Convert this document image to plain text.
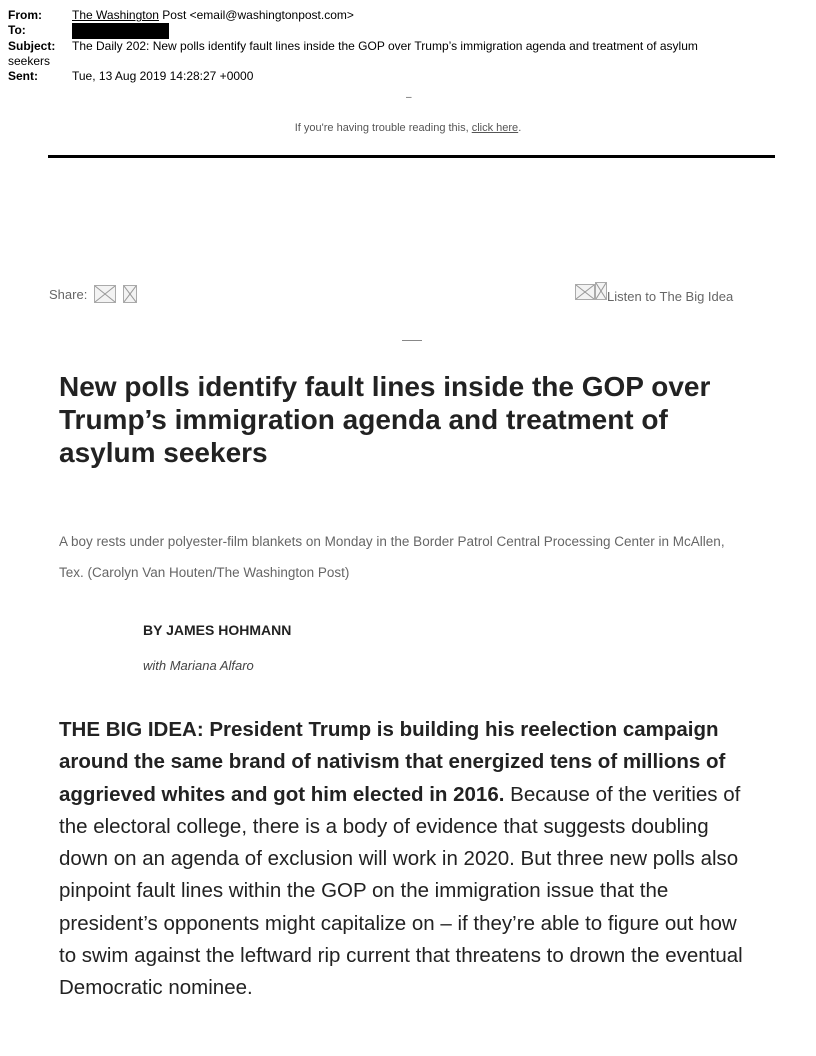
From:	The Washington Post <email@washingtonpost.com>
To:
Subject: The Daily 202: New polls identify fault lines inside the GOP over Trump’s immigration agenda and treatment of asylum
seekers
Sent:	Tue, 13 Aug 2019 14:28:27 +0000
–
If you're having trouble reading this, click here.
Share:	Listen to The Big Idea
New polls identify fault lines inside the GOP over Trump’s immigration agenda and treatment of asylum seekers
A boy rests under polyester-film blankets on Monday in the Border Patrol Central Processing Center in McAllen, Tex. (Carolyn Van Houten/The Washington Post)
BY JAMES HOHMANN
with Mariana Alfaro
THE BIG IDEA: President Trump is building his reelection campaign around the same brand of nativism that energized tens of millions of aggrieved whites and got him elected in 2016. Because of the verities of the electoral college, there is a body of evidence that suggests doubling down on an agenda of exclusion will work in 2020. But three new polls also pinpoint fault lines within the GOP on the immigration issue that the president’s opponents might capitalize on – if they’re able to figure out how to swim against the leftward rip current that threatens to drown the eventual Democratic nominee.
